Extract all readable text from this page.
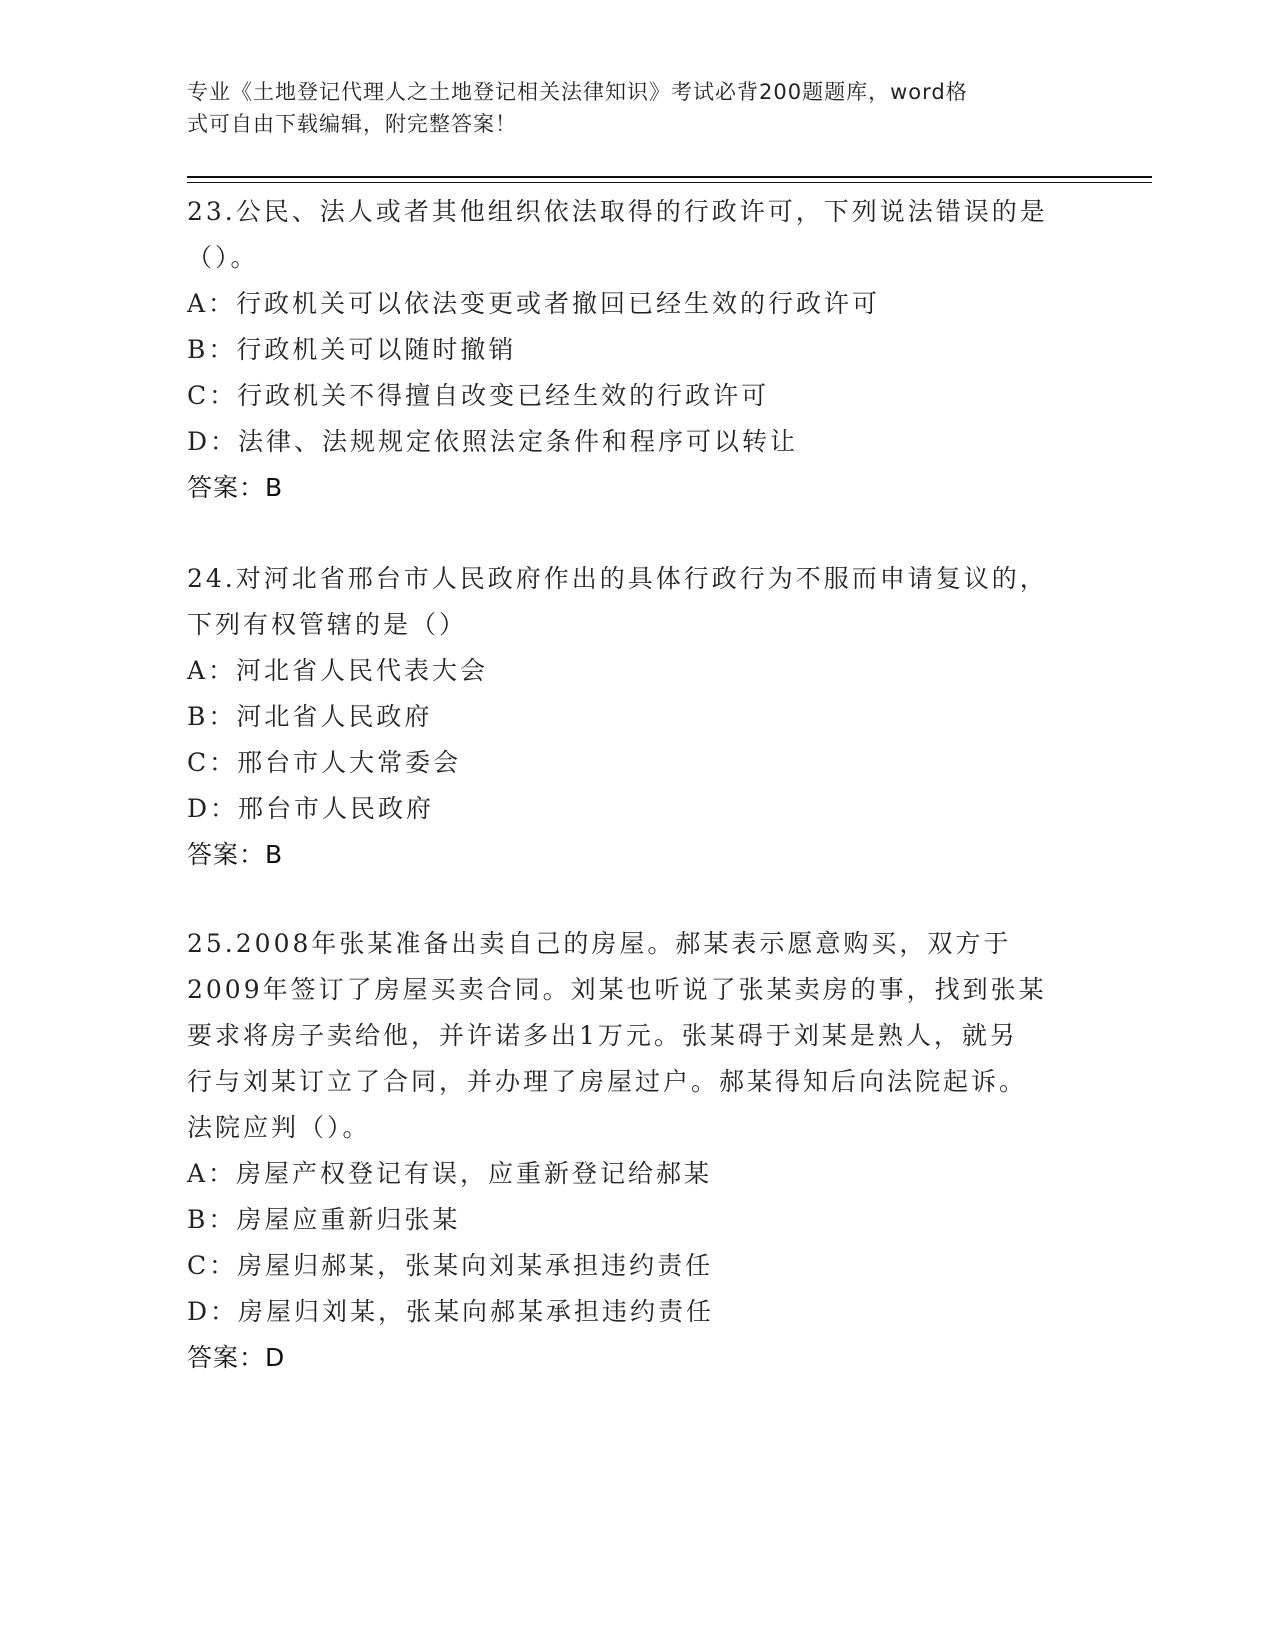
专业《土地登记代理人之土地登记相关法律知识》考试必背200题题库，word格
式可自由下载编辑，附完整答案！
23.公民、法人或者其他组织依法取得的行政许可，下列说法错误的是
（）。
A：行政机关可以依法变更或者撤回已经生效的行政许可
B：行政机关可以随时撤销
C：行政机关不得擅自改变已经生效的行政许可
D：法律、法规规定依照法定条件和程序可以转让
答案：B
24.对河北省邢台市人民政府作出的具体行政行为不服而申请复议的，
下列有权管辖的是（）
A：河北省人民代表大会
B：河北省人民政府
C：邢台市人大常委会
D：邢台市人民政府
答案：B
25.2008年张某准备出卖自己的房屋。郝某表示愿意购买，双方于
2009年签订了房屋买卖合同。刘某也听说了张某卖房的事，找到张某
要求将房子卖给他，并许诺多出1万元。张某碍于刘某是熟人，就另
行与刘某订立了合同，并办理了房屋过户。郝某得知后向法院起诉。
法院应判（）。
A：房屋产权登记有误，应重新登记给郝某
B：房屋应重新归张某
C：房屋归郝某，张某向刘某承担违约责任
D：房屋归刘某，张某向郝某承担违约责任
答案：D
